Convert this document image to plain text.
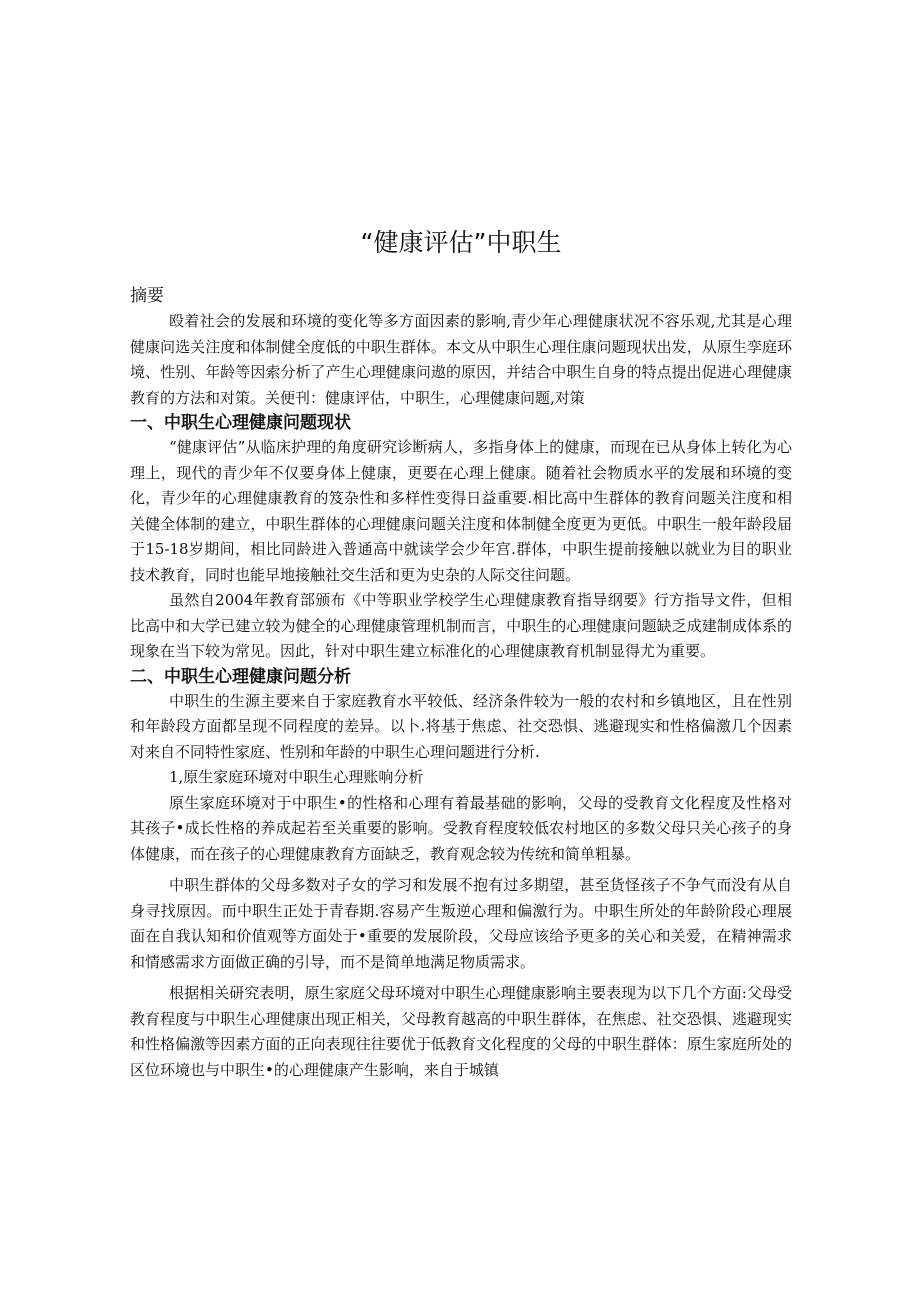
“健康评估”中职生
摘要

殴着社会的发展和环境的变化等多方面因素的影响,青少年心理健康状况不容乐观,尤其是心理健康问选关注度和体制健全度低的中职生群体。本文从中职生心理住康问题现状出发，从原生孪庭环境、性别、年龄等因索分析了产生心理健康问遨的原因，并结合中职生自身的特点提出促进心理健康教育的方法和对策。关便刊：健康评估，中职生，心理健康问题,对策

一、中职生心理健康问题现状

“健康评估”从临床护理的角度研究诊断病人，多指身体上的健康，而现在已从身体上转化为心理上，现代的青少年不仅要身体上健康，更要在心理上健康。随着社会物质水平的发展和环境的变化，青少年的心理健康教育的笈杂性和多样性变得日益重要.相比高中生群体的教育问题关注度和相关健全体制的建立，中职生群体的心理健康问题关注度和体制健全度更为更低。中职生一般年龄段届于15-18岁期间，相比同龄进入普通高中就读学会少年宫.群体，中职生提前接触以就业为目的职业技术教育，同时也能早地接触社交生活和更为史杂的人际交往问题。

虽然自2004年教育部颁布《中等职业学校学生心理健康教育指导纲要》行方指导文件，但相比高中和大学已建立较为健全的心理健康管理机制而言，中职生的心理健康问题缺乏成建制成体系的现象在当下较为常见。因此，针对中职生建立标准化的心理健康教育机制显得尤为重要。

二、中职生心理健康问题分析

中职生的生源主要来自于家庭教育水平较低、经济条件较为一般的农村和乡镇地区，且在性别和年龄段方面都呈现不同程度的差异。以卜.将基于焦虑、社交恐惧、逃避现实和性格偏激几个因素对来自不同特性家庭、性别和年龄的中职生心理问题进行分析.

1,原生家庭环境对中职生心理账响分析

原生家庭环境对于中职生•的性格和心理有着最基础的影响，父母的受教育文化程度及性格对其孩子•成长性格的养成起若至关重要的影响。受教育程度较低农村地区的多数父母只关心孩子的身体健康，而在孩子的心理健康教育方面缺乏，教育观念较为传统和简单粗暴。

中职生群体的父母多数对子女的学习和发展不抱有过多期望，甚至货怪孩子不争气而没有从自身寻找原因。而中职生正处于青春期.容易产生叛逆心理和偏激行为。中职生所处的年龄阶段心理展面在自我认知和价值观等方面处于•重要的发展阶段，父母应该给予更多的关心和关爱，在精神需求和情感需求方面做正确的引导，而不是简单地满足物质需求。

根据相关研究表明，原生家庭父母环境对中职生心理健康影响主要表现为以下几个方面:父母受教育程度与中职生心理健康出现正相关，父母教育越高的中职生群体，在焦虑、社交恐惧、逃避现实和性格偏激等因素方面的正向表现往往要优于低教育文化程度的父母的中职生群体：原生家庭所处的区位环境也与中职生•的心理健康产生影响，来自于城镇
